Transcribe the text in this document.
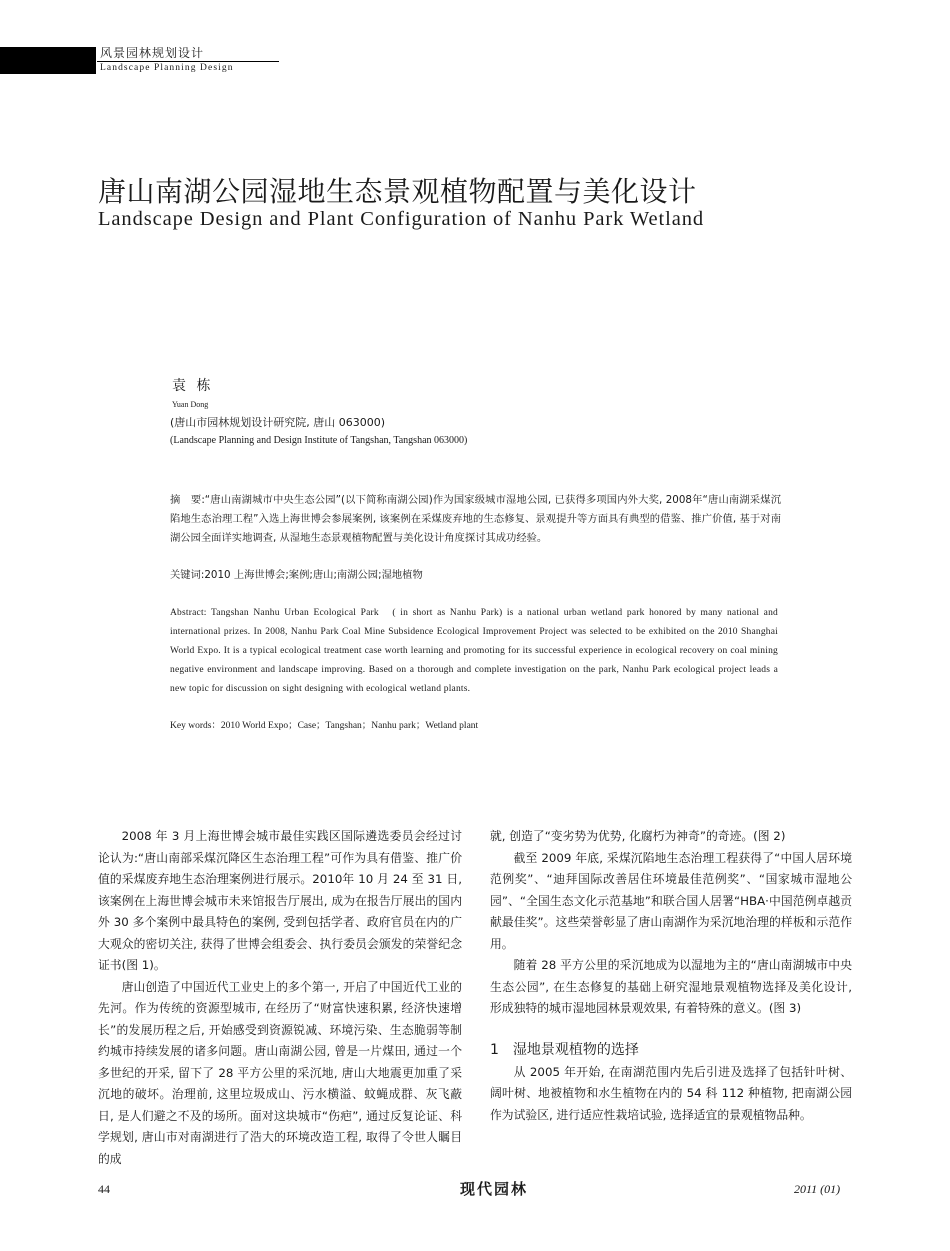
风景园林规划设计
Landscape Planning Design
唐山南湖公园湿地生态景观植物配置与美化设计
Landscape Design and Plant Configuration of Nanhu Park Wetland
袁 栋
Yuan Dong
(唐山市园林规划设计研究院, 唐山 063000)
(Landscape Planning and Design Institute of Tangshan, Tangshan 063000)
摘　要:“唐山南湖城市中央生态公园”(以下简称南湖公园)作为国家级城市湿地公园, 已获得多项国内外大奖, 2008年“唐山南湖采煤沉陷地生态治理工程”入选上海世博会参展案例, 该案例在采煤废弃地的生态修复、景观提升等方面具有典型的借鉴、推广价值, 基于对南湖公园全面详实地调查, 从湿地生态景观植物配置与美化设计角度探讨其成功经验。
关键词:2010 上海世博会;案例;唐山;南湖公园;湿地植物
Abstract: Tangshan Nanhu Urban Ecological Park　( in short as Nanhu Park) is a national urban wetland park honored by many national and international prizes. In 2008, Nanhu Park Coal Mine Subsidence Ecological Improvement Project was selected to be exhibited on the 2010 Shanghai World Expo. It is a typical ecological treatment case worth learning and promoting for its successful experience in ecological recovery on coal mining negative environment and landscape improving. Based on a thorough and complete investigation on the park, Nanhu Park ecological project leads a new topic for discussion on sight designing with ecological wetland plants.
Key words：2010 World Expo；Case；Tangshan；Nanhu park；Wetland plant

2008 年 3 月上海世博会城市最佳实践区国际遴选委员会经过讨论认为:“唐山南部采煤沉降区生态治理工程”可作为具有借鉴、推广价值的采煤废弃地生态治理案例进行展示。2010年 10 月 24 至 31 日, 该案例在上海世博会城市未来馆报告厅展出, 成为在报告厅展出的国内外 30 多个案例中最具特色的案例, 受到包括学者、政府官员在内的广大观众的密切关注, 获得了世博会组委会、执行委员会颁发的荣誉纪念证书(图 1)。

唐山创造了中国近代工业史上的多个第一, 开启了中国近代工业的先河。作为传统的资源型城市, 在经历了“财富快速积累, 经济快速增长”的发展历程之后, 开始感受到资源锐减、环境污染、生态脆弱等制约城市持续发展的诸多问题。唐山南湖公园, 曾是一片煤田, 通过一个多世纪的开采, 留下了 28 平方公里的采沉地, 唐山大地震更加重了采沉地的破坏。治理前, 这里垃圾成山、污水横溢、蚊蝇成群、灰飞蔽日, 是人们避之不及的场所。面对这块城市“伤疤”, 通过反复论证、科学规划, 唐山市对南湖进行了浩大的环境改造工程, 取得了令世人瞩目的成

就, 创造了“变劣势为优势, 化腐朽为神奇”的奇迹。(图 2)

截至 2009 年底, 采煤沉陷地生态治理工程获得了“中国人居环境范例奖”、“迪拜国际改善居住环境最佳范例奖”、“国家城市湿地公园”、“全国生态文化示范基地”和联合国人居署“HBA·中国范例卓越贡献最佳奖”。这些荣誉彰显了唐山南湖作为采沉地治理的样板和示范作用。

随着 28 平方公里的采沉地成为以湿地为主的“唐山南湖城市中央生态公园”, 在生态修复的基础上研究湿地景观植物选择及美化设计, 形成独特的城市湿地园林景观效果, 有着特殊的意义。(图 3)

1　湿地景观植物的选择

从 2005 年开始, 在南湖范围内先后引进及选择了包括针叶树、阔叶树、地被植物和水生植物在内的 54 科 112 种植物, 把南湖公园作为试验区, 进行适应性栽培试验, 选择适宜的景观植物品种。

44	现代园林	2011 (01)
